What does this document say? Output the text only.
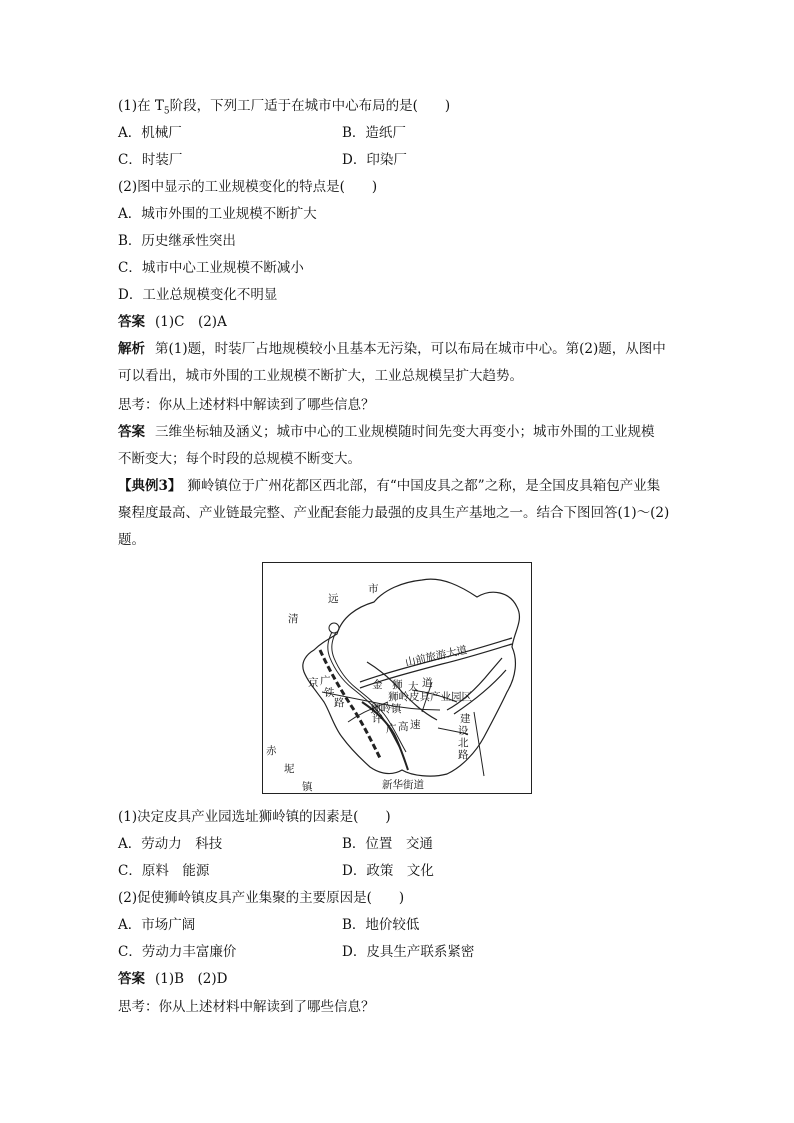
(1)在 $T_5$阶段，下列工厂适于在城市中心布局的是(　　)
A．机械厂	B．造纸厂
C．时装厂	D．印染厂
(2)图中显示的工业规模变化的特点是(　　)
A．城市外围的工业规模不断扩大
B．历史继承性突出
C．城市中心工业规模不断减小
D．工业总规模变化不明显
答案 (1)C　(2)A
解析 第(1)题，时装厂占地规模较小且基本无污染，可以布局在城市中心。第(2)题，从图中
可以看出，城市外围的工业规模不断扩大，工业总规模呈扩大趋势。
思考：你从上述材料中解读到了哪些信息？
答案 三维坐标轴及涵义；城市中心的工业规模随时间先变大再变小；城市外围的工业规模
不断变大；每个时段的总规模不断变大。
【典例3】 狮岭镇位于广州花都区西北部，有“中国皮具之都”之称，是全国皮具箱包产业集
聚程度最高、产业链最完整、产业配套能力最强的皮具生产基地之一。结合下图回答(1)～(2)
题。
市
远
清
京 广
铁
路
金 狮 大 道
狮岭皮具产业园区
狮岭镇
许
广 高 速
山前旅游大道
建
设
北
路
赤
坭
镇	新华街道
(1)决定皮具产业园选址狮岭镇的因素是(　　)
A．劳动力　科技	B．位置　交通
C．原料　能源	D．政策　文化
(2)促使狮岭镇皮具产业集聚的主要原因是(　　)
A．市场广阔	B．地价较低
C．劳动力丰富廉价	D．皮具生产联系紧密
答案 (1)B　(2)D
思考：你从上述材料中解读到了哪些信息？
